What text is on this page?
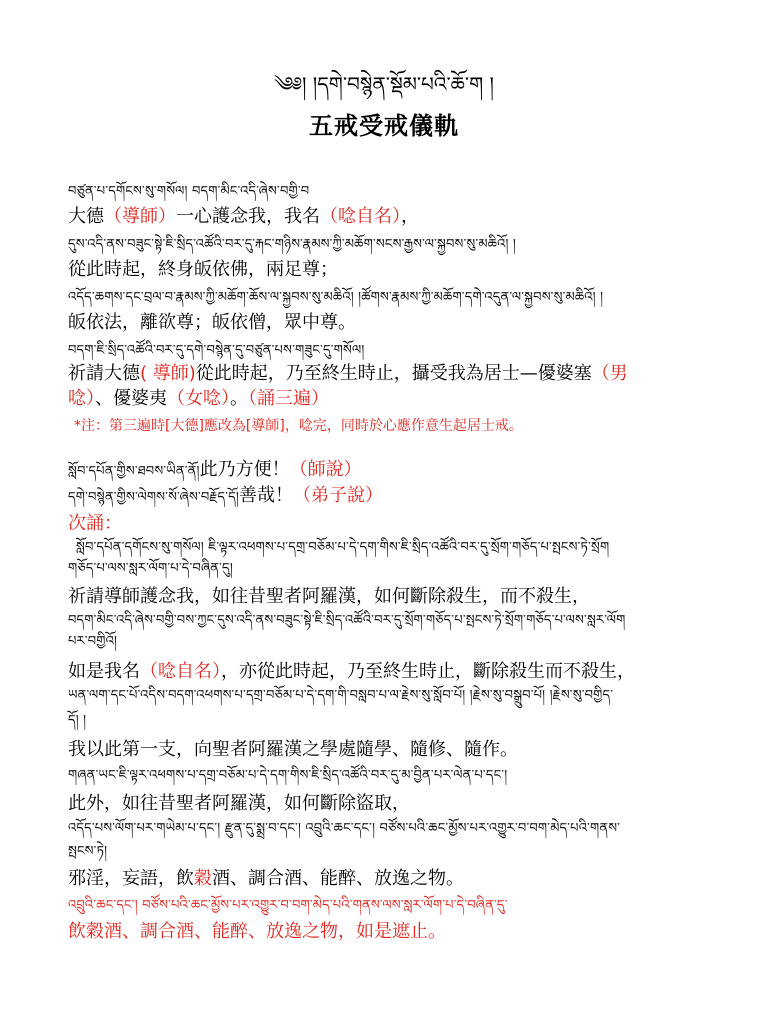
༄༅། །དགེ་བསྙེན་སྡོམ་པའི་ཆོ་ག །
五戒受戒儀軌
བཙུན་པ་དགོངས་སུ་གསོལ། བདག་མིང་འདི་ཞེས་བགྱི་བ
大德（導師）一心護念我，我名（唸自名），
དུས་འདི་ནས་བཟུང་སྟེ་ཇི་སྲིད་འཚོའི་བར་དུ་རྐང་གཉིས་རྣམས་ཀྱི་མཆོག་སངས་རྒྱས་ལ་སྐྱབས་སུ་མཆིའོ། །
從此時起，終身皈依佛，兩足尊；
འདོད་ཆགས་དང་བྲལ་བ་རྣམས་ཀྱི་མཆོག་ཆོས་ལ་སྐྱབས་སུ་མཆིའོ། །ཚོགས་རྣམས་ཀྱི་མཆོག་དགེ་འདུན་ལ་སྐྱབས་སུ་མཆིའོ། །
皈依法，離欲尊；皈依僧，眾中尊。
བདག་ཇི་སྲིད་འཚོའི་བར་དུ་དགེ་བསྙེན་དུ་བཙུན་པས་གཟུང་དུ་གསོལ།
祈請大德( 導師)從此時起，乃至終生時止，攝受我為居士—優婆塞（男
唸）、優婆夷（女唸）。（誦三遍）
*注：第三遍時[大德]應改為[導師]，唸完，同時於心應作意生起居士戒。
སློབ་དཔོན་གྱིས་ཐབས་ཡིན་ནོ།此乃方便！（師說）
དགེ་བསྙེན་གྱིས་ལེགས་སོ་ཞེས་བརྗོད་དོ།善哉！（弟子說）
次誦：
སློབ་དཔོན་དགོངས་སུ་གསོལ། ཇི་ལྟར་འཕགས་པ་དགྲ་བཅོམ་པ་དེ་དག་གིས་ཇི་སྲིད་འཚོའི་བར་དུ་སྲོག་གཅོད་པ་སྤངས་ཏེ་སྲོག
གཅོད་པ་ལས་སླར་ལོག་པ་དེ་བཞིན་དུ།
祈請導師護念我，如往昔聖者阿羅漢，如何斷除殺生，而不殺生，
བདག་མིང་འདི་ཞེས་བགྱི་བས་ཀྱང་དུས་འདི་ནས་བཟུང་སྟེ་ཇི་སྲིད་འཚོའི་བར་དུ་སྲོག་གཅོད་པ་སྤངས་ཏེ་སྲོག་གཅོད་པ་ལས་སླར་ལོག
པར་བགྱིའོ།
如是我名（唸自名），亦從此時起，乃至終生時止，斷除殺生而不殺生，
ཡན་ལག་དང་པོ་འདིས་བདག་འཕགས་པ་དགྲ་བཅོམ་པ་དེ་དག་གི་བསླབ་པ་ལ་རྗེས་སུ་སློབ་པོ། །རྗེས་སུ་བསྒྲུབ་པོ། །རྗེས་སུ་བགྱིད་
དོ། །
我以此第一支，向聖者阿羅漢之學處隨學、隨修、隨作。
གཞན་ཡང་ཇི་ལྟར་འཕགས་པ་དགྲ་བཅོམ་པ་དེ་དག་གིས་ཇི་སྲིད་འཚོའི་བར་དུ་མ་བྱིན་པར་ལེན་པ་དང་།
此外，如往昔聖者阿羅漢，如何斷除盜取，
འདོད་པས་ལོག་པར་གཡེམ་པ་དང་། རྫུན་དུ་སྨྲ་བ་དང་། འབྲུའི་ཆང་དང་། བཙོས་པའི་ཆང་མྱོས་པར་འགྱུར་བ་བག་མེད་པའི་གནས་
སྤངས་ཏེ།
邪淫，妄語，飲穀酒、調合酒、能醉、放逸之物。
འབྲུའི་ཆང་དང་། བཙོས་པའི་ཆང་མྱོས་པར་འགྱུར་བ་བག་མེད་པའི་གནས་ལས་སླར་ལོག་པ་དེ་བཞིན་དུ་
飲穀酒、調合酒、能醉、放逸之物，如是遮止。
